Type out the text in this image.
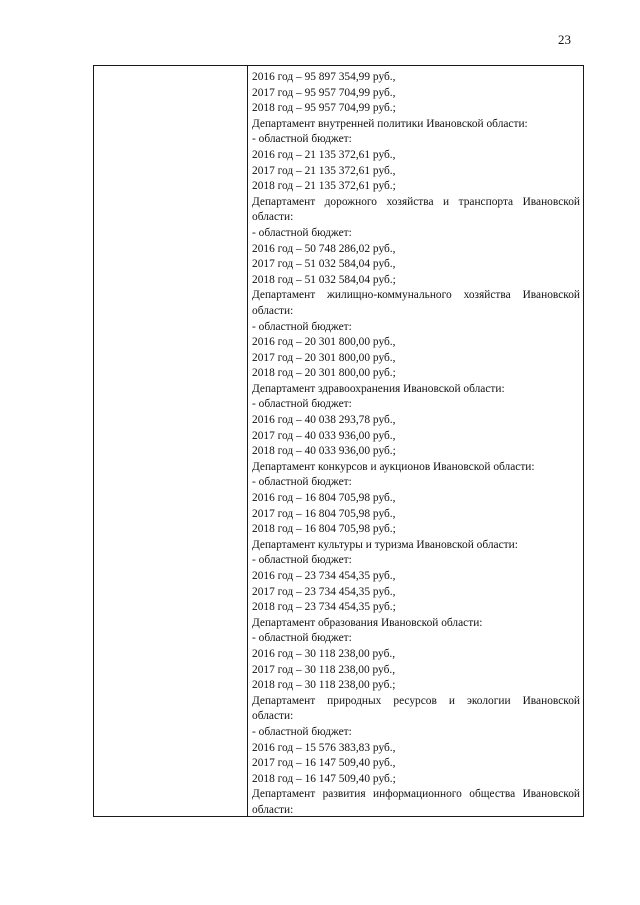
23
2016 год – 95 897 354,99 руб.,
2017 год – 95 957 704,99 руб.,
2018 год – 95 957 704,99 руб.;
Департамент внутренней политики Ивановской области:
- областной бюджет:
2016 год – 21 135 372,61 руб.,
2017 год – 21 135 372,61 руб.,
2018 год – 21 135 372,61 руб.;
Департамент дорожного хозяйства и транспорта Ивановской
области:
- областной бюджет:
2016 год – 50 748 286,02 руб.,
2017 год – 51 032 584,04 руб.,
2018 год – 51 032 584,04 руб.;
Департамент жилищно-коммунального хозяйства Ивановской
области:
- областной бюджет:
2016 год – 20 301 800,00 руб.,
2017 год – 20 301 800,00 руб.,
2018 год – 20 301 800,00 руб.;
Департамент здравоохранения Ивановской области:
- областной бюджет:
2016 год – 40 038 293,78 руб.,
2017 год – 40 033 936,00 руб.,
2018 год – 40 033 936,00 руб.;
Департамент конкурсов и аукционов Ивановской области:
- областной бюджет:
2016 год – 16 804 705,98 руб.,
2017 год – 16 804 705,98 руб.,
2018 год – 16 804 705,98 руб.;
Департамент культуры и туризма Ивановской области:
- областной бюджет:
2016 год – 23 734 454,35 руб.,
2017 год – 23 734 454,35 руб.,
2018 год – 23 734 454,35 руб.;
Департамент образования Ивановской области:
- областной бюджет:
2016 год – 30 118 238,00 руб.,
2017 год – 30 118 238,00 руб.,
2018 год – 30 118 238,00 руб.;
Департамент природных ресурсов и экологии Ивановской
области:
- областной бюджет:
2016 год – 15 576 383,83 руб.,
2017 год – 16 147 509,40 руб.,
2018 год – 16 147 509,40 руб.;
Департамент развития информационного общества Ивановской
области:
